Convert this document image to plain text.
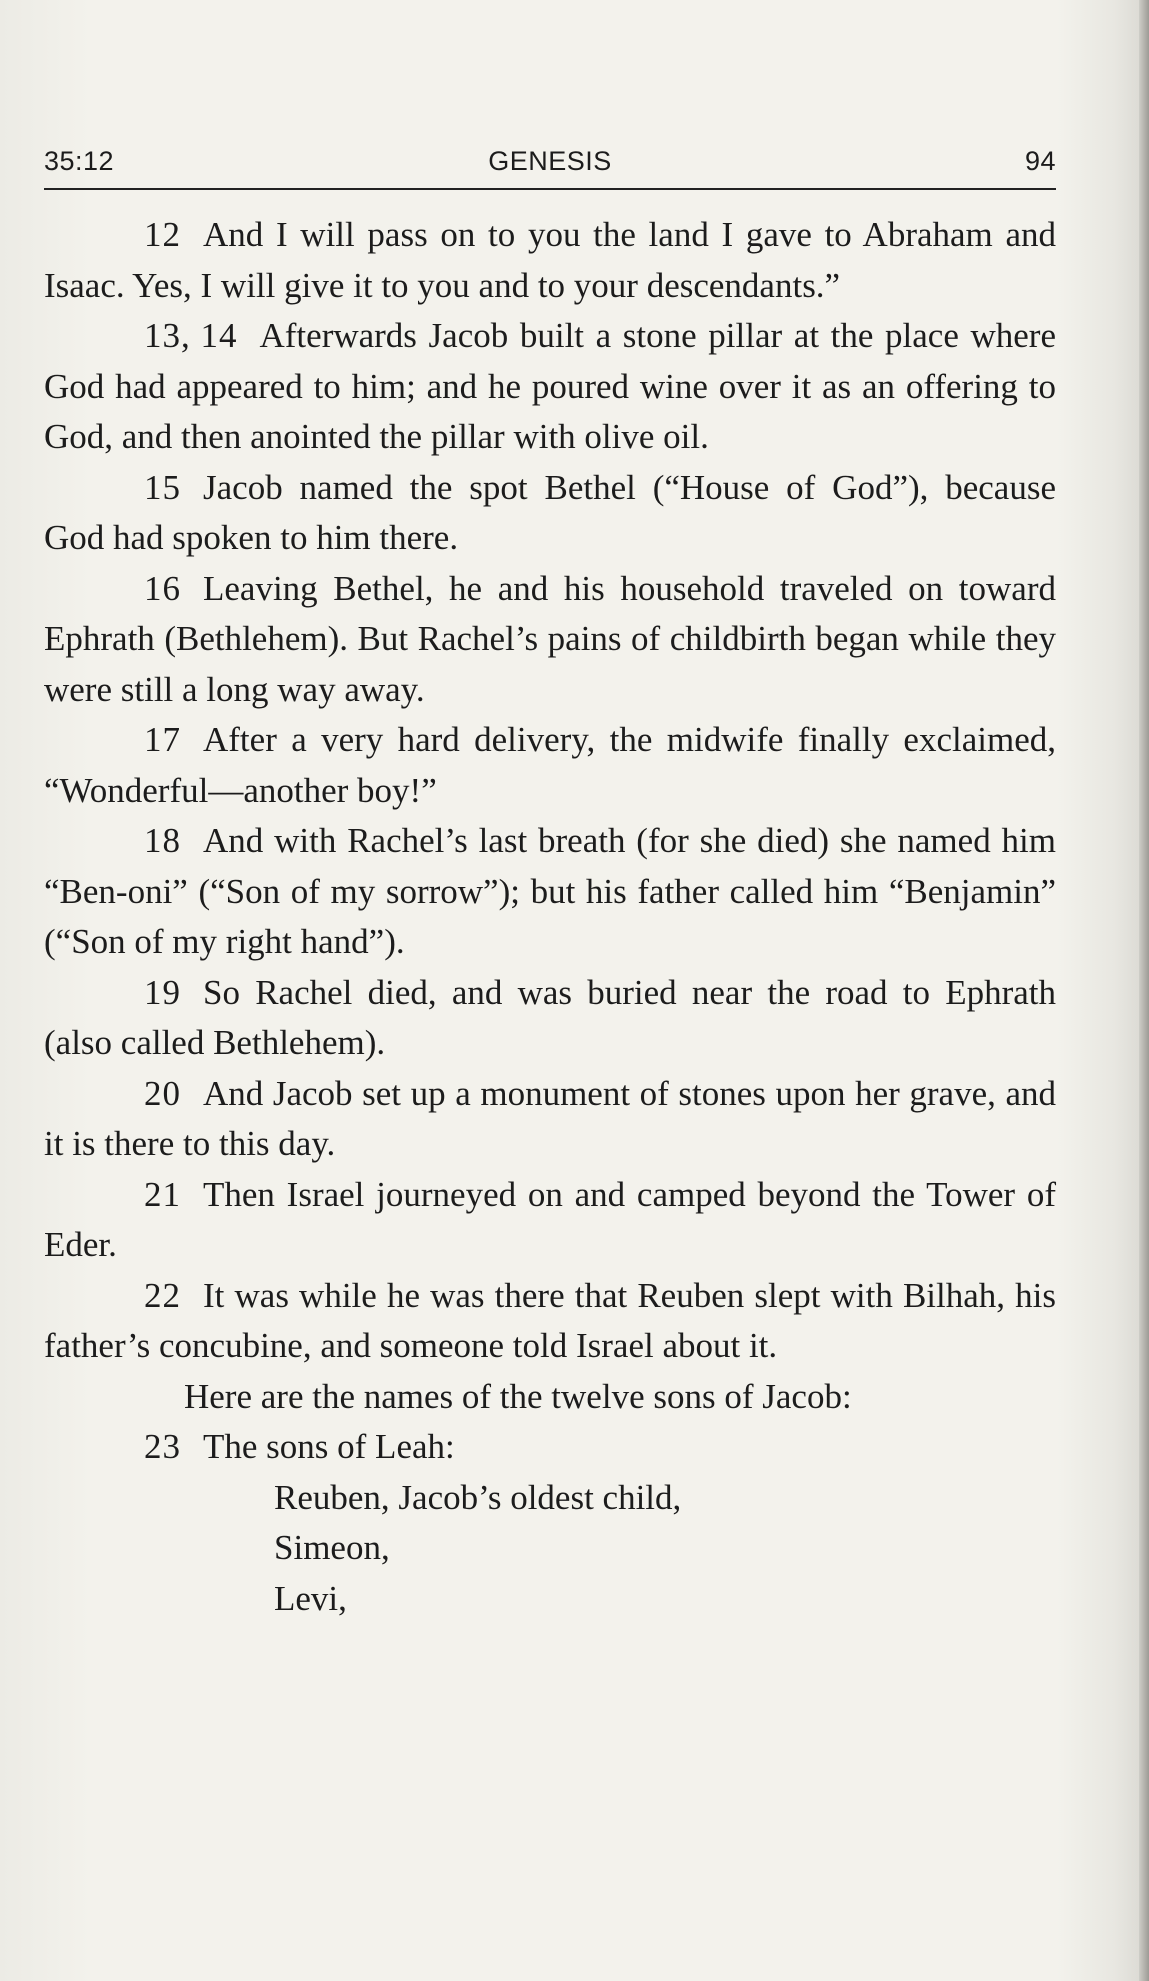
35:12	GENESIS	94

12 And I will pass on to you the land I gave to Abraham and Isaac. Yes, I will give it to you and to your descendants.”

13, 14 Afterwards Jacob built a stone pillar at the place where God had appeared to him; and he poured wine over it as an offering to God, and then anointed the pillar with olive oil.

15 Jacob named the spot Bethel (“House of God”), because God had spoken to him there.

16 Leaving Bethel, he and his household traveled on toward Ephrath (Bethlehem). But Rachel’s pains of childbirth began while they were still a long way away.

17 After a very hard delivery, the midwife finally exclaimed, “Wonderful—another boy!”

18 And with Rachel’s last breath (for she died) she named him “Ben-oni” (“Son of my sorrow”); but his father called him “Benjamin” (“Son of my right hand”).

19 So Rachel died, and was buried near the road to Ephrath (also called Bethlehem).

20 And Jacob set up a monument of stones upon her grave, and it is there to this day.

21 Then Israel journeyed on and camped beyond the Tower of Eder.

22 It was while he was there that Reuben slept with Bilhah, his father’s concubine, and someone told Israel about it.

Here are the names of the twelve sons of Jacob:

23 The sons of Leah:

Reuben, Jacob’s oldest child,
Simeon,
Levi,
